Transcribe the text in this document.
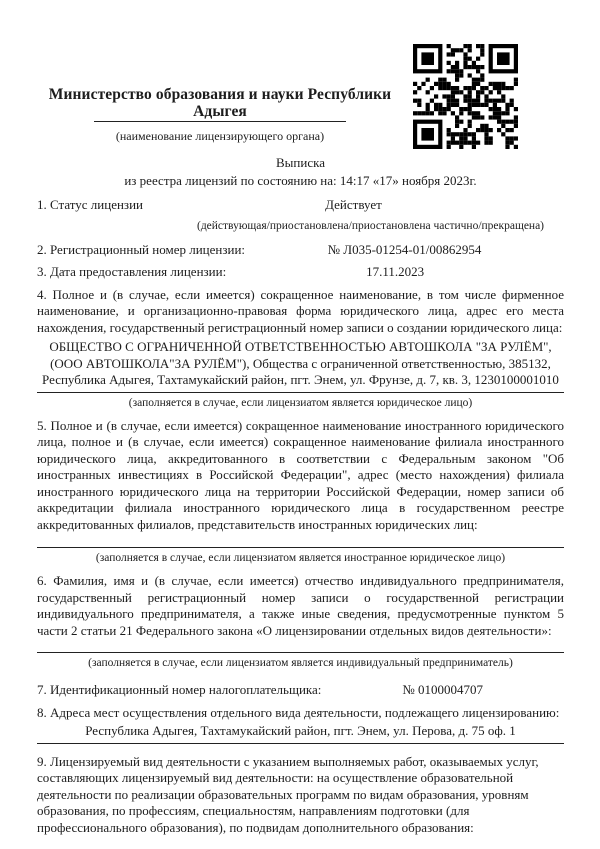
Министерство образования и науки Республики Адыгея
(наименование лицензирующего органа)
Выписка
из реестра лицензий по состоянию на: 14:17 «17» ноября 2023г.
1. Статус лицензии	Действует
(действующая/приостановлена/приостановлена частично/прекращена)
2. Регистрационный номер лицензии:	№ Л035-01254-01/00862954
3. Дата предоставления лицензии:	17.11.2023

4. Полное и (в случае, если имеется) сокращенное наименование, в том числе фирменное наименование, и организационно-правовая форма юридического лица, адрес его места нахождения, государственный регистрационный номер записи о создании юридического лица:

ОБЩЕСТВО С ОГРАНИЧЕННОЙ ОТВЕТСТВЕННОСТЬЮ АВТОШКОЛА "ЗА РУЛЁМ", (ООО АВТОШКОЛА"ЗА РУЛЁМ"), Общества с ограниченной ответственностью, 385132, Республика Адыгея, Тахтамукайский район, пгт. Энем, ул. Фрунзе, д. 7, кв. 3, 1230100001010
(заполняется в случае, если лицензиатом является юридическое лицо)

5. Полное и (в случае, если имеется) сокращенное наименование иностранного юридического лица, полное и (в случае, если имеется) сокращенное наименование филиала иностранного юридического лица, аккредитованного в соответствии с Федеральным законом "Об иностранных инвестициях в Российской Федерации", адрес (место нахождения) филиала иностранного юридического лица на территории Российской Федерации, номер записи об аккредитации филиала иностранного юридического лица в государственном реестре аккредитованных филиалов, представительств иностранных юридических лиц:

(заполняется в случае, если лицензиатом является иностранное юридическое лицо)

6. Фамилия, имя и (в случае, если имеется) отчество индивидуального предпринимателя, государственный регистрационный номер записи о государственной регистрации индивидуального предпринимателя, а также иные сведения, предусмотренные пунктом 5 части 2 статьи 21 Федерального закона «О лицензировании отдельных видов деятельности»:

(заполняется в случае, если лицензиатом является индивидуальный предприниматель)
7. Идентификационный номер налогоплательщика:	№ 0100004707

8. Адреса мест осуществления отдельного вида деятельности, подлежащего лицензированию:

Республика Адыгея, Тахтамукайский район, пгт. Энем, ул. Перова, д. 75 оф. 1

9. Лицензируемый вид деятельности с указанием выполняемых работ, оказываемых услуг, составляющих лицензируемый вид деятельности: на осуществление образовательной деятельности по реализации образовательных программ по видам образования, уровням образования, по профессиям, специальностям, направлениям подготовки (для профессионального образования), по подвидам дополнительного образования:
